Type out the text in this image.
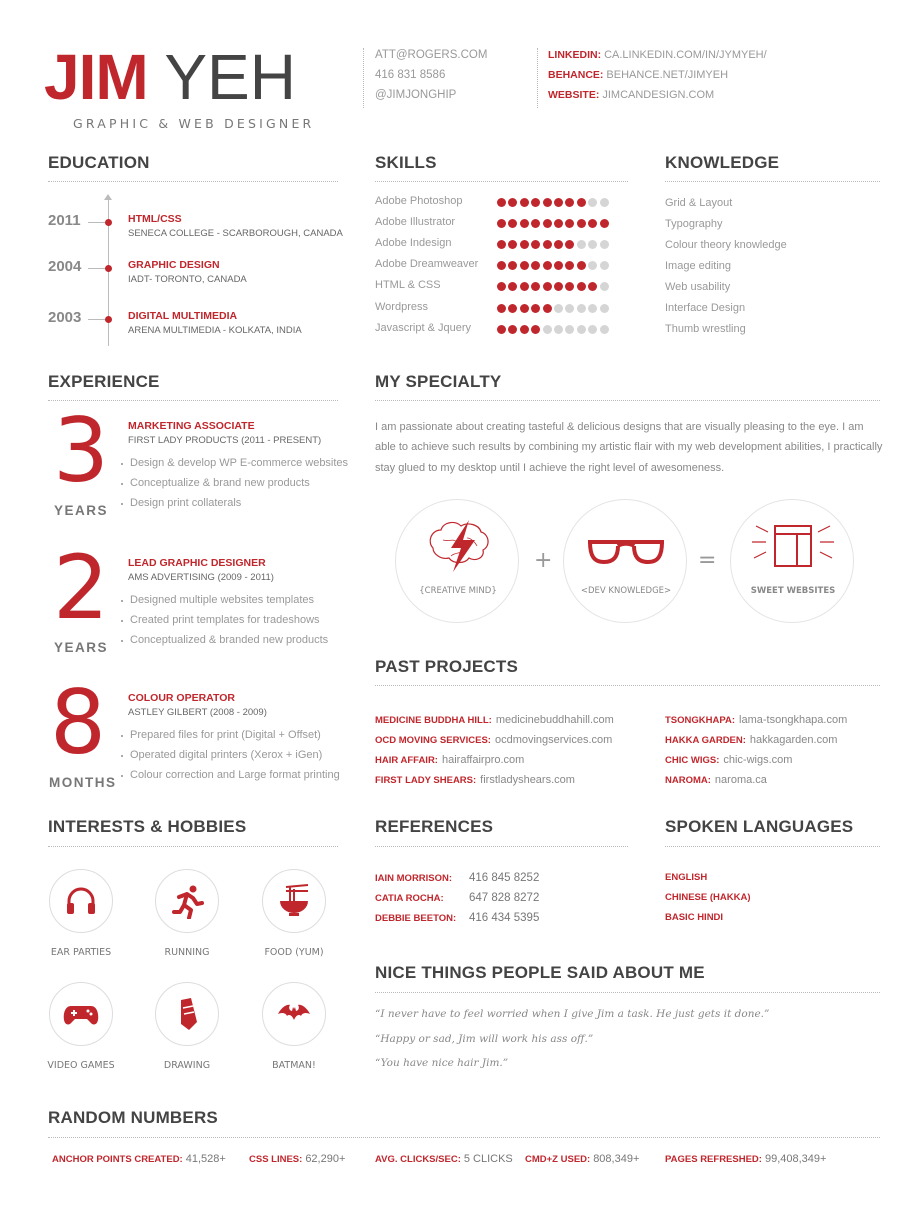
JIM YEH
GRAPHIC & WEB DESIGNER
ATT@ROGERS.COM
416 831 8586
@JIMJONGHIP
LINKEDIN: CA.LINKEDIN.COM/IN/JYMYEH/
BEHANCE: BEHANCE.NET/JIMYEH
WEBSITE: JIMCANDESIGN.COM
EDUCATION	SKILLS	KNOWLEDGE
EXPERIENCE	MY SPECIALTY
PAST PROJECTS
INTERESTS & HOBBIES	REFERENCES	SPOKEN LANGUAGES
NICE THINGS PEOPLE SAID ABOUT ME
RANDOM NUMBERS
I am passionate about creating tasteful & delicious designs that are visually pleasing to the eye. I am able to achieve such results by combining my artistic flair with my web development abilities, I practically stay glued to my desktop until I achieve the right level of awesomeness.
{CREATIVE MIND}
+
<DEV KNOWLEDGE>
=
SWEET WEBSITES
2011	HTML/CSS
SENECA COLLEGE - SCARBOROUGH, CANADA
2004	GRAPHIC DESIGN
IADT- TORONTO, CANADA
2003	DIGITAL MULTIMEDIA
ARENA MULTIMEDIA - KOLKATA, INDIA
Adobe Photoshop
Adobe Illustrator
Adobe Indesign
Adobe Dreamweaver
HTML & CSS
Wordpress
Javascript & Jquery
Grid & Layout
Typography
Colour theory knowledge
Image editing
Web usability
Interface Design
Thumb wrestling
3
YEARS
MARKETING ASSOCIATE
FIRST LADY PRODUCTS (2011 - PRESENT)
Design & develop WP E-commerce websites
Conceptualize & brand new products
Design print collaterals
2
YEARS
LEAD GRAPHIC DESIGNER
AMS ADVERTISING (2009 - 2011)
Designed multiple websites templates
Created print templates for tradeshows
Conceptualized & branded new products
8
MONTHS
COLOUR OPERATOR
ASTLEY GILBERT (2008 - 2009)
Prepared files for print (Digital + Offset)
Operated digital printers (Xerox + iGen)
Colour correction and Large format printing
MEDICINE BUDDHA HILL: medicinebuddhahill.com
OCD MOVING SERVICES: ocdmovingservices.com
HAIR AFFAIR: hairaffairpro.com
FIRST LADY SHEARS: firstladyshears.com
TSONGKHAPA: lama-tsongkhapa.com
HAKKA GARDEN: hakkagarden.com
CHIC WIGS: chic-wigs.com
NAROMA: naroma.ca
EAR PARTIES	RUNNING	FOOD (YUM)
VIDEO GAMES	DRAWING	BATMAN!
IAIN MORRISON: 416 845 8252
CATIA ROCHA: 647 828 8272
DEBBIE BEETON: 416 434 5395
ENGLISH
CHINESE (HAKKA)
BASIC HINDI
“I never have to feel worried when I give Jim a task. He just gets it done.”
“Happy or sad, Jim will work his ass off.”
“You have nice hair Jim.”
ANCHOR POINTS CREATED: 41,528+ CSS LINES: 62,290+	AVG. CLICKS/SEC: 5 CLICKS CMD+Z USED: 808,349+	PAGES REFRESHED: 99,408,349+
